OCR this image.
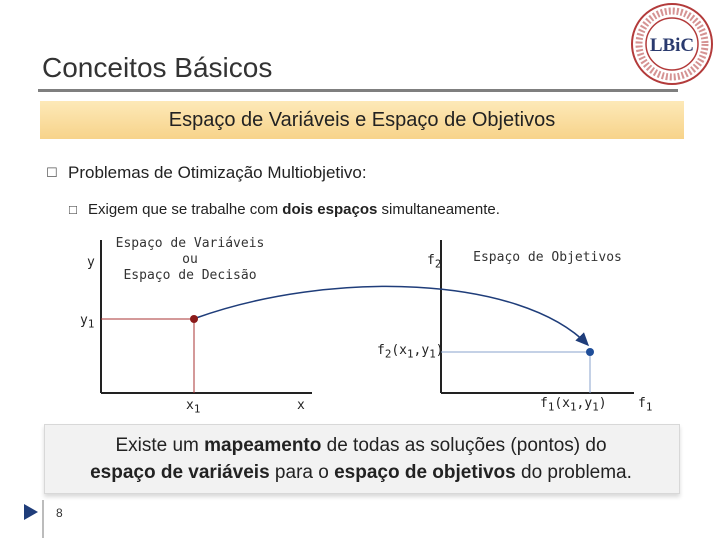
Conceitos Básicos
LBiC
Espaço de Variáveis e Espaço de Objetivos
☐ Problemas de Otimização Multiobjetivo:
☐ Exigem que se trabalhe com dois espaços simultaneamente.
Espaço de Variáveis
ou
Espaço de Decisão
Espaço de Objetivos
y
$y_1$
$x_1$	x
$f_2$
$f_2(x_1,y_1)$
$f_1(x_1,y_1)$ $f_1$
Existe um mapeamento de todas as soluções (pontos) do
espaço de variáveis para o espaço de objetivos do problema.
8
